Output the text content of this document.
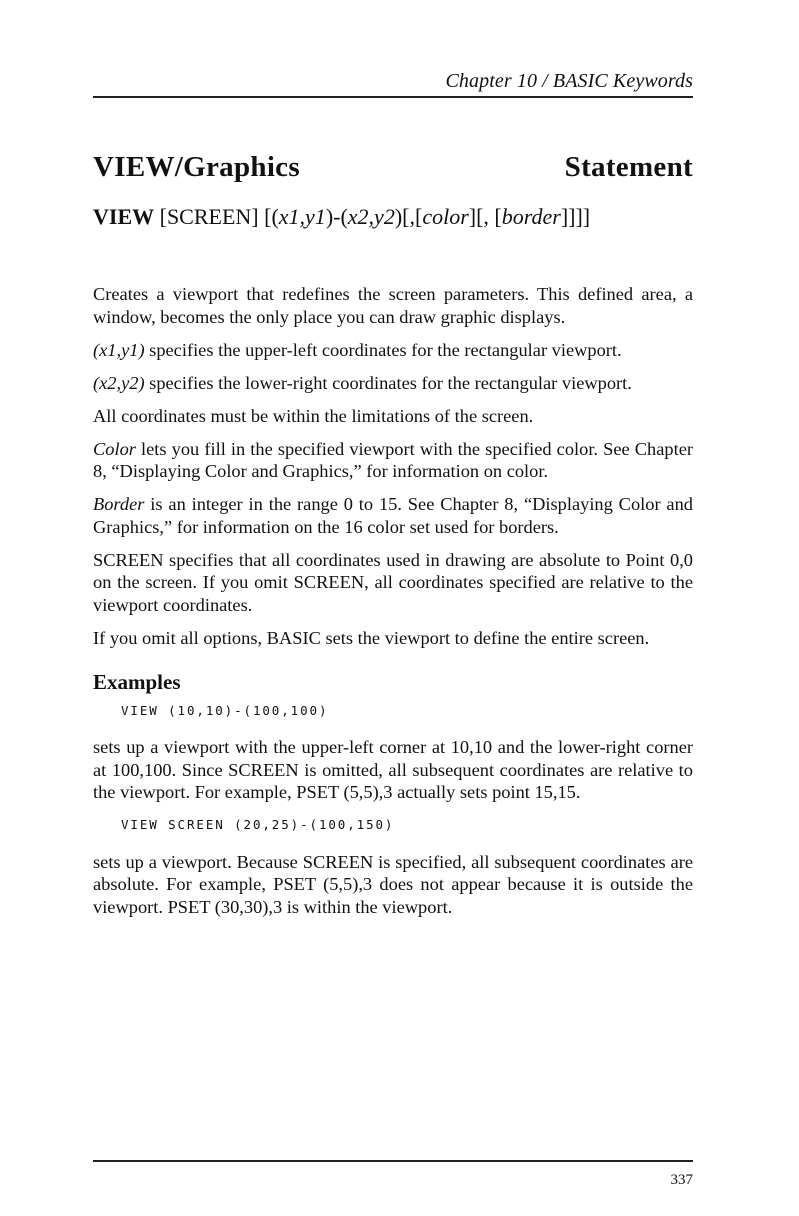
Chapter 10 / BASIC Keywords
VIEW/Graphics	Statement
VIEW [SCREEN] [(x1,y1)-(x2,y2)[,[color][, [border]]]]

Creates a viewport that redefines the screen parameters. This defined area, a window, becomes the only place you can draw graphic displays.

(x1,y1) specifies the upper-left coordinates for the rectangular viewport.

(x2,y2) specifies the lower-right coordinates for the rectangular viewport.

All coordinates must be within the limitations of the screen.

Color lets you fill in the specified viewport with the specified color. See Chapter 8, “Displaying Color and Graphics,” for information on color.

Border is an integer in the range 0 to 15. See Chapter 8, “Displaying Color and Graphics,” for information on the 16 color set used for borders.

SCREEN specifies that all coordinates used in drawing are absolute to Point 0,0 on the screen. If you omit SCREEN, all coordinates specified are relative to the viewport coordinates.

If you omit all options, BASIC sets the viewport to define the entire screen.

Examples
VIEW (10,10)-(100,100)

sets up a viewport with the upper-left corner at 10,10 and the lower-right corner at 100,100. Since SCREEN is omitted, all subsequent coordinates are relative to the viewport. For example, PSET (5,5),3 actually sets point 15,15.

VIEW SCREEN (20,25)-(100,150)

sets up a viewport. Because SCREEN is specified, all subsequent coordinates are absolute. For example, PSET (5,5),3 does not appear because it is outside the viewport. PSET (30,30),3 is within the viewport.

337
